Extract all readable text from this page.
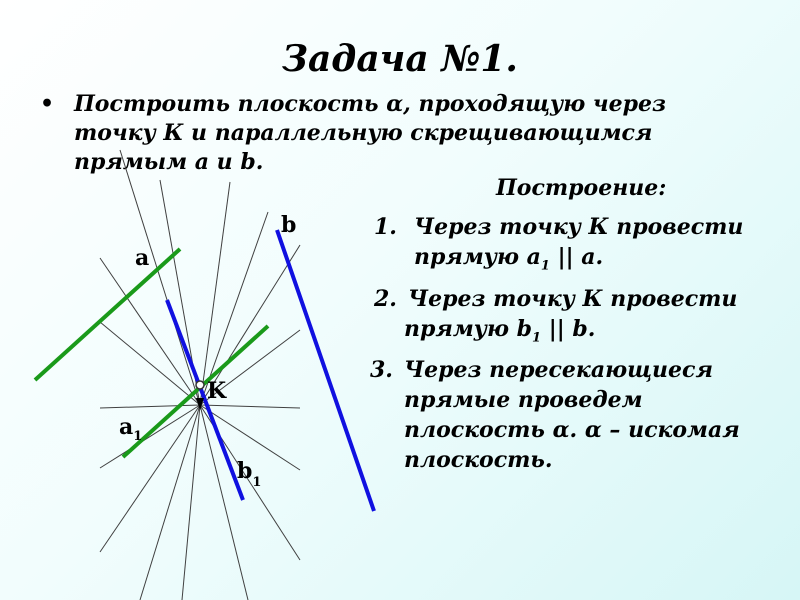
Задача №1.
• Построить плоскость α, проходящую через
точку К и параллельную скрещивающимся
прямым a и b.
Построение:
1. Через точку К провести
прямую $a_1$ || a.
2. Через точку К провести
прямую $b_1$ || b.
3. Через пересекающиеся
прямые проведем
плоскость α. α – искомая
плоскость.
a
b
K
$a_1$
$b_1$
